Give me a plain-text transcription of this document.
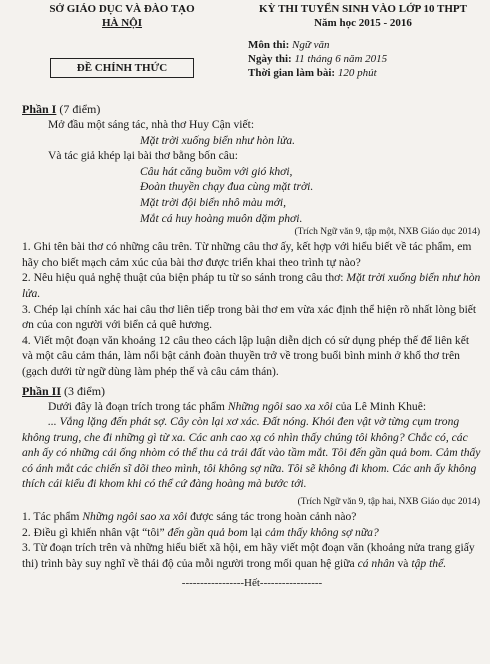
SỞ GIÁO DỤC VÀ ĐÀO TẠO
HÀ NỘI
ĐỀ CHÍNH THỨC
KỲ THI TUYỂN SINH VÀO LỚP 10 THPT
Năm học 2015 - 2016
Môn thi: Ngữ văn
Ngày thi: 11 tháng 6 năm 2015
Thời gian làm bài: 120 phút
Phần I (7 điểm)

Mở đầu một sáng tác, nhà thơ Huy Cận viết:

Mặt trời xuống biển như hòn lửa.

Và tác giả khép lại bài thơ bằng bốn câu:

Câu hát căng buồm với gió khơi,
Đoàn thuyền chạy đua cùng mặt trời.
Mặt trời đội biển nhô màu mới,
Mắt cá huy hoàng muôn dặm phơi.
(Trích Ngữ văn 9, tập một, NXB Giáo dục 2014)

1. Ghi tên bài thơ có những câu trên. Từ những câu thơ ấy, kết hợp với hiểu biết về tác phẩm, em hãy cho biết mạch cảm xúc của bài thơ được triển khai theo trình tự nào?

2. Nêu hiệu quả nghệ thuật của biện pháp tu từ so sánh trong câu thơ: Mặt trời xuống biển như hòn lửa.

3. Chép lại chính xác hai câu thơ liên tiếp trong bài thơ em vừa xác định thể hiện rõ nhất lòng biết ơn của con người với biển cả quê hương.

4. Viết một đoạn văn khoảng 12 câu theo cách lập luận diễn dịch có sử dụng phép thế để liên kết và một câu cảm thán, làm nổi bật cảnh đoàn thuyền trở về trong buổi bình minh ở khổ thơ trên (gạch dưới từ ngữ dùng làm phép thế và câu cảm thán).

Phần II (3 điểm)

Dưới đây là đoạn trích trong tác phẩm Những ngôi sao xa xôi của Lê Minh Khuê:

... Vắng lặng đến phát sợ. Cây còn lại xơ xác. Đất nóng. Khói đen vật vờ từng cụm trong không trung, che đi những gì từ xa. Các anh cao xạ có nhìn thấy chúng tôi không? Chắc có, các anh ấy có những cái ống nhòm có thể thu cả trái đất vào tầm mắt. Tôi đến gần quả bom. Cảm thấy có ánh mắt các chiến sĩ dõi theo mình, tôi không sợ nữa. Tôi sẽ không đi khom. Các anh ấy không thích cái kiểu đi khom khi có thể cứ đàng hoàng mà bước tới.
(Trích Ngữ văn 9, tập hai, NXB Giáo dục 2014)

1. Tác phẩm Những ngôi sao xa xôi được sáng tác trong hoàn cảnh nào?

2. Điều gì khiến nhân vật “tôi” đến gần quả bom lại cảm thấy không sợ nữa?

3. Từ đoạn trích trên và những hiểu biết xã hội, em hãy viết một đoạn văn (khoảng nửa trang giấy thi) trình bày suy nghĩ về thái độ của mỗi người trong mối quan hệ giữa cá nhân và tập thể.

-----------------Hết-----------------
